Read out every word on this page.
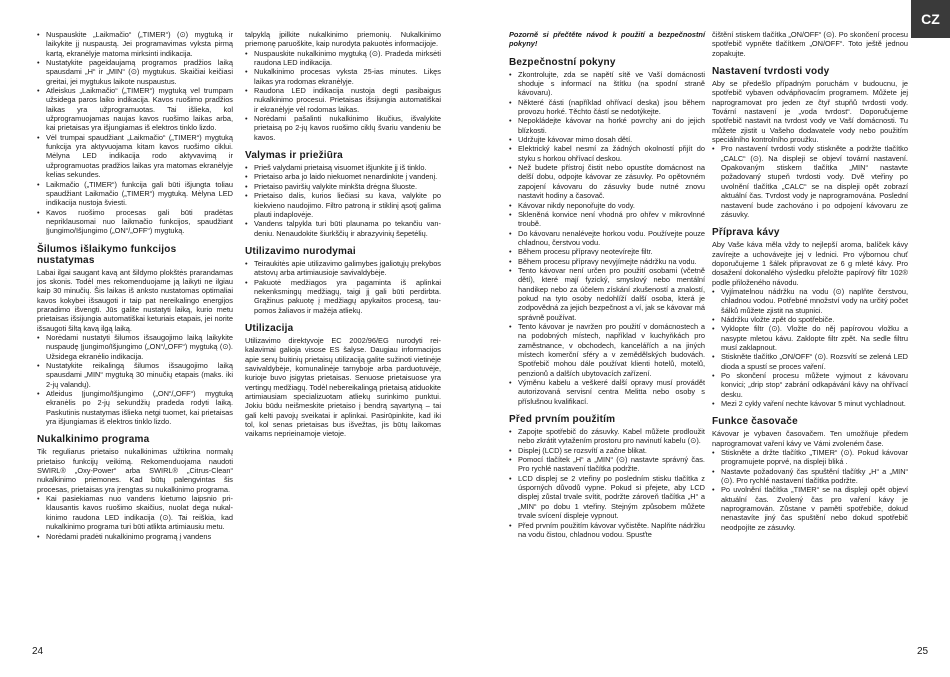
• Nuspauskite „Laikmačio“ („TIMER“) (⊙) mygtuką ir laikykite jį nuspaustą. Jei programavimas vyksta pirmą kartą, ekranėlyje matoma mirksinti indikacija.
• Nustatykite pageidaujamą programos pradžios laiką spausdami „H“ ir „MIN“ (⊙) mygtukus. Skaičiai keičiasi greitai, jei mygtukus laikote nuspaustus.
• Atleiskus „Laikmačio“ („TIMER“) mygtuką vel trumpam užsidega paros laiko indikacija. Kavos ruošimo pradžios laikas yra užprogramuotas. Tai išlieka, kol užprogramuojamas naujas kavos ruošimo laikas arba, kai prietaisas yra išjungiamas iš elektros tinklo lizdo.
• Vėl trumpai spaudžiant „Laikmačio“ („TIMER“) mygtuką funkcija yra aktyvuojama kitam kavos ruošimo ciklui. Mėlyna LED indikacija rodo aktyvavimą ir užprogramuotas pradžios laikas yra matomas ekranėlyje kelias sekundes.
• Laikmačio („TIMER“) funkcija gali būti išjungta toliau spaudžiant Laikmačio („TIMER“) mygtuką. Mėlyna LED indikacija nustoja šviesti.
• Kavos ruošimo procesas gali būti pradėtas nepriklausomai nuo laikmačio funkcijos, spaudžiant Įjungimo/Išjungimo („ON“/„OFF“) mygtuką.
Šilumos išlaikymo funkcijos nustatymas

Labai ilgai saugant kavą ant šildymo plokštės prarandamas jos skonis. Todėl mes rekomenduojame ją laikyti ne ilgiau kaip 30 minučių. Šis laikas iš anksto nustatomas optimaliai kavos kokybei išsaugoti ir taip pat nereikalingo energijos praradimo išvengti. Jūs galite nustatyti laiką, kurio metu prietaisas išsijungia automatiškai keturiais etapais, jei norite išsaugoti šiltą kavą ilgą laiką.

• Norėdami nustatyti šilumos išsaugojimo laiką laikykite nuspaudę Įjungimo/Išjungimo („ON“/„OFF“) mygtuką (⊙). Užsidega ekranėlio indikacija.
• Nustatykite reikalingą šilumos išsaugojimo laiką spausdami „MIN“ mygtuką 30 minučių etapais (maks. iki 2-jų valandų).
• Atleidus Įjungimo/Išjungimo („ON“/„OFF“) mygtuką ekranėlis po 2-jų sekundžių pradeda rodyti laiką. Paskutinis nustatymas išlieka netgi tuomet, kai prietaisas yra išjungiamas iš elektros tinklo lizdo.
Nukalkinimo programa

Tik reguliarus prietaiso nukalkinimas užtikrina normalų prietaiso funkcijų veikimą. Rekomenduojama naudoti SWIRL® „Oxy-Power“ arba SWIRL® „Citrus-Clean“ nukalkinimo priemones. Kad būtų palengvintas šis procesas, prietaisas yra įrengtas su nukalkinimo programa.

• Kai pasiekiamas nuo vandens kietumo laipsnio priklausantis kavos ruošimo skaičius, nuolat dega nukalkinimo raudona LED indikacija (⊙). Tai reiškia, kad nukalkinimo programa turi būti atlikta artimiausiu metu.
• Norėdami pradėti nukalkinimo programą į vandens

talpyklą įpilkite nukalkinimo priemonių. Nukalkinimo priemonę paruoškite, kaip nurodyta pakuotės informacijoje.

• Nuspauskite nukalkinimo mygtuką (⊙). Pradeda mirksėti raudona LED indikacija.
• Nukalkinimo procesas vyksta 25-ias minutes. Likęs laikas yra rodomas ekranėlyje.
• Raudona LED indikacija nustoja degti pasibaigus nukalkinimo procesui. Prietaisas išsijungia automatiškai ir ekranėlyje vėl rodomas laikas.
• Norėdami pašalinti nukalkinimo likučius, išvalykite prietaisą po 2-jų kavos ruošimo ciklų švariu vandeniu be kavos.
Valymas ir priežiūra
• Prieš valydami prietaisą visuomet išjunkite jį iš tinklo.
• Prietaiso arba jo laido niekuomet nenardinkite į vandenį.
• Prietaiso paviršių valykite minkšta drėgna šluoste.
• Prietaiso dalis, kurios liečiasi su kava, valykite po kiekvieno naudojimo. Filtro patroną ir stiklinį ąsotį galima plauti indaplovėje.
• Vandens talpykla turi būti plaunama po tekančiu vandeniu. Nenaudokite šiurkščių ir abrazyvinių šepetėlių.
Utilizavimo nurodymai
• Teiraukitės apie utilizavimo galimybes įgaliotųjų prekybos atstovų arba artimiausioje savivaldybėje.
• Pakuotė medžiagos yra pagaminta iš aplinkai nekenksmingų medžiagų, taigi jį gali būti perdirbta. Grąžinus pakuotę į medžiagų apykaitos procesą, taupomos žaliavos ir mažėja atliekų.
Utilizacija

Utilizavimo direktyvoje EC 2002/96/EG nurodyti reikalavimai galioja visose ES šalyse. Daugiau informacijos apie senų buitinių prietaisų utilizaciją galite sužinoti vietinėje savivaldybėje, komunalinėje tarnyboje arba parduotuvėje, kurioje buvo įsigytas prietaisas. Senuose prietaisuose yra vertingų medžiagų. Todėl nebereikalingą prietaisą atiduokite artimiausiam specializuotam atliekų surinkimo punktui. Jokiu būdu neišmeskite prietaiso į bendrą sąvartyną – tai gali kelti pavojų sveikatai ir aplinkai. Pasirūpinkite, kad iki tol, kol senas prietaisas bus išvežtas, jis būtų laikomas vaikams neprieinamoje vietoje.

24

Pozorně si přečtěte návod k použití a bezpečnostní pokyny!

Bezpečnostní pokyny
• Zkontrolujte, zda se napětí sítě ve Vaší domácnosti shoduje s informací na štítku (na spodní straně kávovaru).
• Některé části (například ohřívací deska) jsou během provozu horké. Těchto částí se nedotýkejte.
• Nepokládejte kávovar na horké povrchy ani do jejich blízkosti.
• Udržujte kávovar mimo dosah dětí.
• Elektrický kabel nesmí za žádných okolností přijít do styku s horkou ohřívací deskou.
• Než budete přístroj čistit nebo opustíte domácnost na delší dobu, odpojte kávovar ze zásuvky. Po opětovném zapojení kávovaru do zásuvky bude nutné znovu nastavit hodiny a časovač.
• Kávovar nikdy neponořujte do vody.
• Skleněná konvice není vhodná pro ohřev v mikrovlnné troubě.
• Do kávovaru nenalévejte horkou vodu. Používejte pouze chladnou, čerstvou vodu.
• Během procesu přípravy neotevírejte filtr.
• Během procesu přípravy nevyjímejte nádržku na vodu.
• Tento kávovar není určen pro použití osobami (včetně dětí), které mají fyzický, smyslový nebo mentální handikep nebo za účelem získání zkušeností a znalostí, pokud na tyto osoby nedohlíží další osoba, která je zodpovědná za jejich bezpečnost a ví, jak se kávovar má správně používat.
• Tento kávovar je navržen pro použití v domácnostech a na podobných místech, například v kuchyňkách pro zaměstnance, v obchodech, kancelářích a na jiných místech komerční sféry a v zemědělských budovách. Spotřebič mohou dále používat klienti hotelů, motelů, penzionů a dalších ubytovacích zařízení.
• Výměnu kabelu a veškeré další opravy musí provádět autorizovaná servisní centra Melitta nebo osoby s příslušnou kvalifikací.
Před prvním použitím
• Zapojte spotřebič do zásuvky. Kabel můžete prodloužit nebo zkrátit vytažením prostoru pro navinutí kabelu (⊙).
• Displej (LCD) se rozsvítí a začne blikat.
• Pomocí tlačítek „H“ a „MIN“ (⊙) nastavte správný čas. Pro rychlé nastavení tlačítka podržte.
• LCD displej se 2 vteřiny po posledním stisku tlačítka z úsporných důvodů vypne. Pokud si přejete, aby LCD displej zůstal trvale svítit, podržte zároveň tlačítka „H“ a „MIN“ po dobu 1 vteřiny. Stejným způsobem můžete trvale svícení displeje vypnout.
• Před prvním použitím kávovar vyčistěte. Naplňte nádržku na vodu čistou, chladnou vodou. Spusťte

čištění stiskem tlačítka „ON/OFF“ (⊙). Po skončení procesu spotřebič vypněte tlačítkem „ON/OFF“. Toto ještě jednou zopakujte.

Nastavení tvrdosti vody

Aby se předešlo případným poruchám v budoucnu, je spotřebič vybaven odvápňovacím programem. Můžete jej naprogramovat pro jeden ze čtyř stupňů tvrdosti vody. Tovární nastavení je „voda tvrdost“. Doporučujeme spotřebič nastavit na tvrdost vody ve Vaší domácnosti. Tu můžete zjistit u Vašeho dodavatele vody nebo použitím speciálního kontrolního proužku.

• Pro nastavení tvrdosti vody stiskněte a podržte tlačítko „CALC“ (⊙). Na displeji se objeví tovární nastavení. Opakovaným stiskem tlačítka „MIN“ nastavte požadovaný stupeň tvrdosti vody. Dvě vteřiny po uvolnění tlačítka „CALC“ se na displeji opět zobrazí aktuální čas. Tvrdost vody je naprogramována. Poslední nastavení bude zachováno i po odpojení kávovaru ze zásuvky.
Příprava kávy

Aby Vaše káva měla vždy to nejlepší aroma, balíček kávy zavírejte a uchovávejte jej v lednici. Pro výbornou chuť doporučujeme 1 šálek připravovat ze 6 g mleté kávy. Pro dosažení dokonalého výsledku přeložte papírový filtr 102® podle přiloženého návodu.

• Vyjímatelnou nádržku na vodu (⊙) naplňte čerstvou, chladnou vodou. Potřebné množství vody na určitý počet šálků můžete zjistit na stupnici.
• Nádržku vložte zpět do spotřebiče.
• Vyklopte filtr (⊙). Vložte do něj papírovou vložku a nasypte mletou kávu. Zaklopte filtr zpět. Na sedle filtru musí zaklapnout.
• Stiskněte tlačítko „ON/OFF“ (⊙). Rozsvítí se zelená LED dioda a spustí se proces vaření.
• Po skončení procesu můžete vyjmout z kávovaru konvici; „drip stop“ zabrání odkapávání kávy na ohřívací desku.
• Mezi 2 cykly vaření nechte kávovar 5 minut vychladnout.
Funkce časovače

Kávovar je vybaven časovačem. Ten umožňuje předem naprogramovat vaření kávy ve Vámi zvoleném čase.

• Stiskněte a držte tlačítko „TIMER“ (⊙). Pokud kávovar programujete poprvé, na displeji bliká .
• Nastavte požadovaný čas spuštění tlačítky „H“ a „MIN“ (⊙). Pro rychlé nastavení tlačítka podržte.
• Po uvolnění tlačítka „TIMER“ se na displeji opět objeví aktuální čas. Zvolený čas pro vaření kávy je naprogramován. Zůstane v paměti spotřebiče, dokud nenastavíte jiný čas spuštění nebo dokud spotřebič neodpojíte ze zásuvky.
25
CZ
